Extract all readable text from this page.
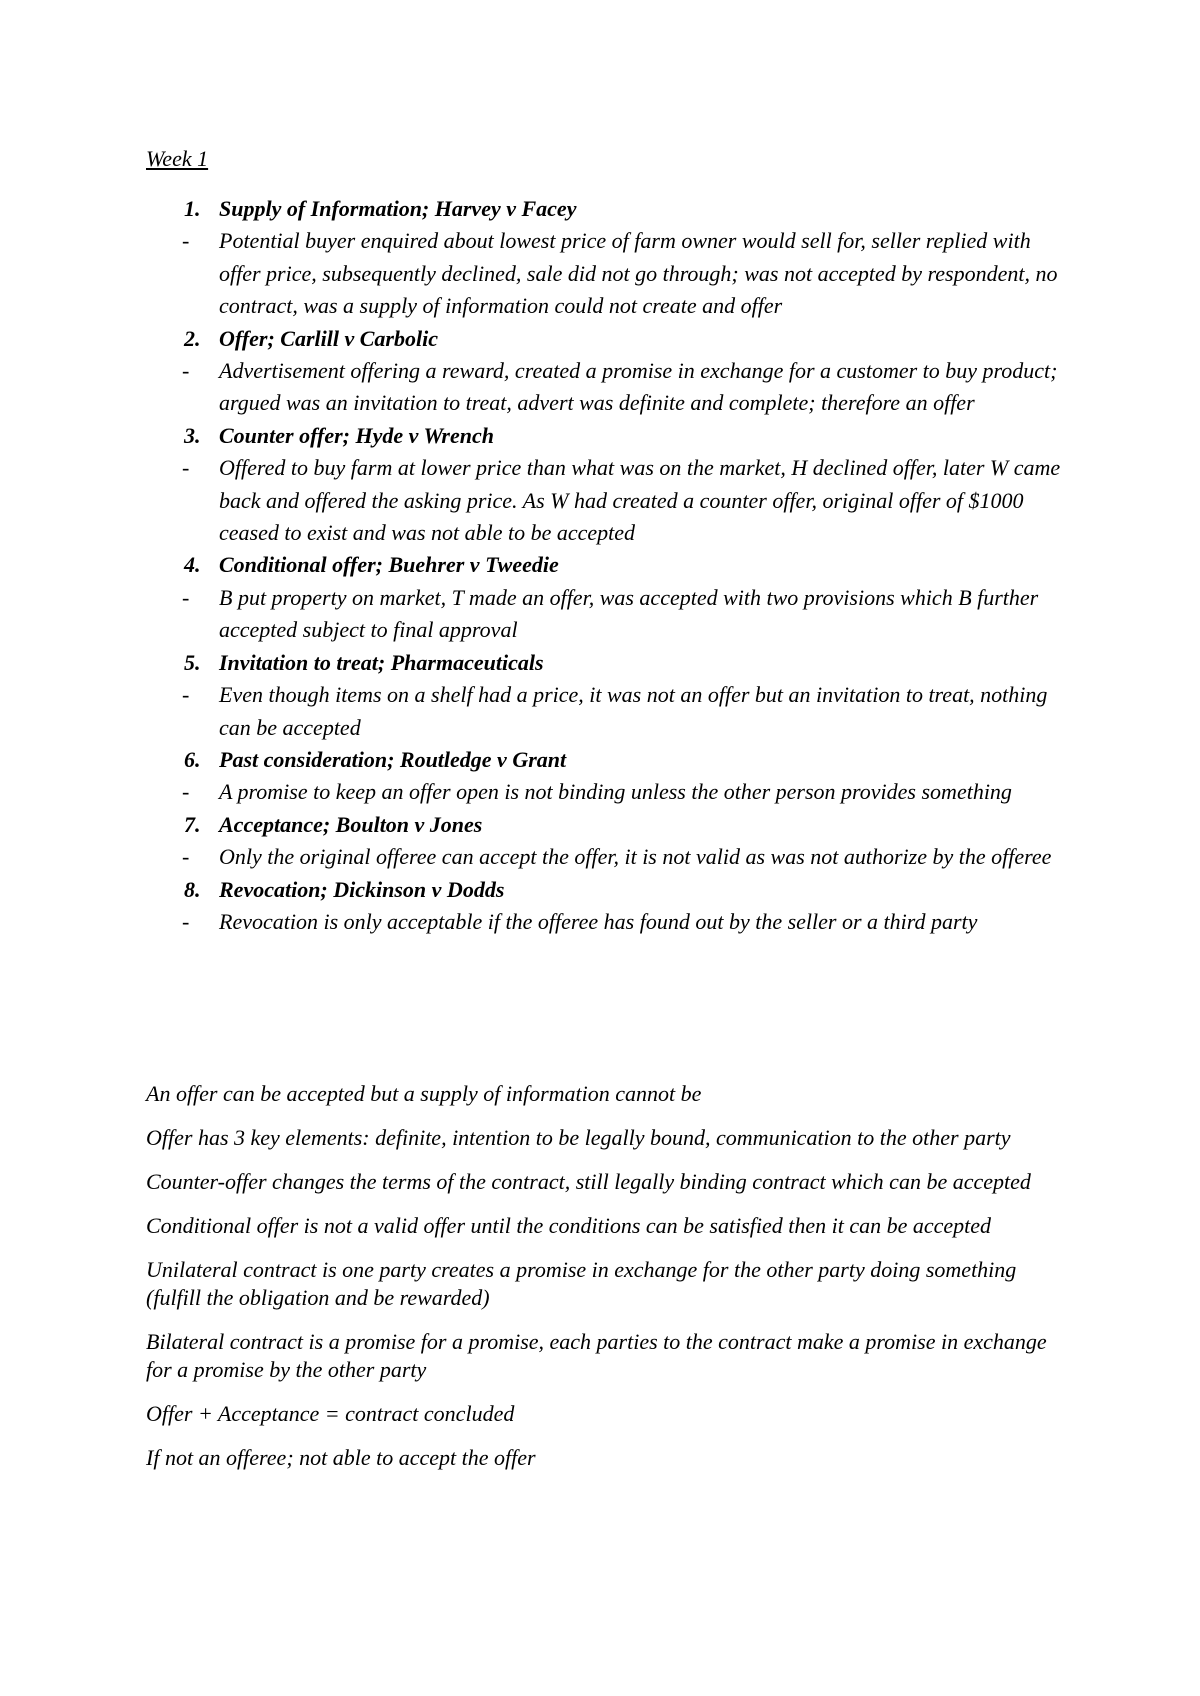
Week 1
1. Supply of Information; Harvey v Facey
- Potential buyer enquired about lowest price of farm owner would sell for, seller replied with offer price, subsequently declined, sale did not go through; was not accepted by respondent, no contract, was a supply of information could not create and offer
2. Offer; Carlill v Carbolic
- Advertisement offering a reward, created a promise in exchange for a customer to buy product; argued was an invitation to treat, advert was definite and complete; therefore an offer
3. Counter offer; Hyde v Wrench
- Offered to buy farm at lower price than what was on the market, H declined offer, later W came back and offered the asking price. As W had created a counter offer, original offer of $1000 ceased to exist and was not able to be accepted
4. Conditional offer; Buehrer v Tweedie
- B put property on market, T made an offer, was accepted with two provisions which B further accepted subject to final approval
5. Invitation to treat; Pharmaceuticals
- Even though items on a shelf had a price, it was not an offer but an invitation to treat, nothing can be accepted
6. Past consideration; Routledge v Grant
- A promise to keep an offer open is not binding unless the other person provides something
7. Acceptance; Boulton v Jones
- Only the original offeree can accept the offer, it is not valid as was not authorize by the offeree
8. Revocation; Dickinson v Dodds
- Revocation is only acceptable if the offeree has found out by the seller or a third party

An offer can be accepted but a supply of information cannot be

Offer has 3 key elements: definite, intention to be legally bound, communication to the other party

Counter-offer changes the terms of the contract, still legally binding contract which can be accepted

Conditional offer is not a valid offer until the conditions can be satisfied then it can be accepted

Unilateral contract is one party creates a promise in exchange for the other party doing something (fulfill the obligation and be rewarded)

Bilateral contract is a promise for a promise, each parties to the contract make a promise in exchange for a promise by the other party

Offer + Acceptance = contract concluded

If not an offeree; not able to accept the offer
